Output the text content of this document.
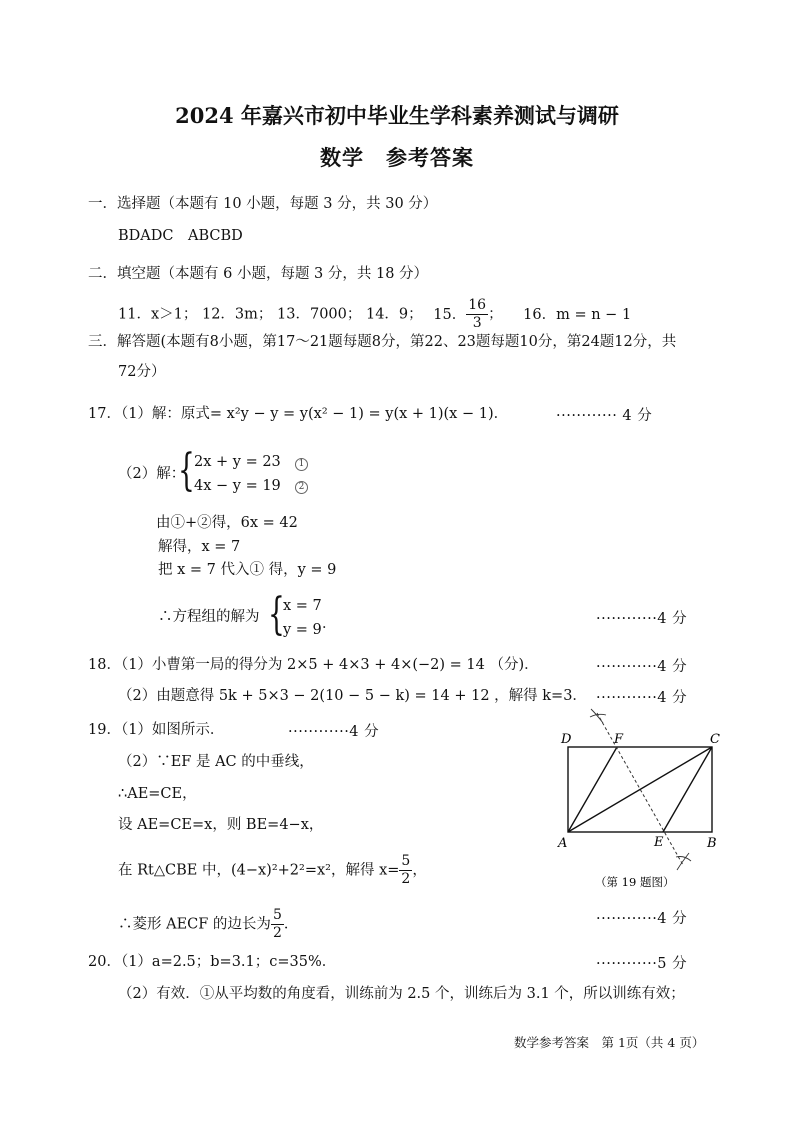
2024 年嘉兴市初中毕业生学科素养测试与调研
数学　参考答案
一．选择题（本题有 10 小题，每题 3 分，共 30 分）
BDADC　ABCBD
二．填空题（本题有 6 小题，每题 3 分，共 18 分）
11．x＞1； 12．3m； 13．7000； 14．9； 15． $\frac{16}{3}$ ； 16．m = n − 1
三．解答题(本题有8小题，第17～21题每题8分，第22、23题每题10分，第24题12分，共
72分）
17．（1）解：原式= x²y − y = y(x² − 1) = y(x + 1)(x − 1)．	············ 4 分
（2）解：
{ 2x + y = 23
4x − y = 19
1
2
由①+②得，6x = 42
解得，x = 7
把 x = 7 代入① 得，y = 9
∴方程组的解为 {
x = 7
y = 9 ．	············4 分
18．（1）小曹第一局的得分为 2×5 + 4×3 + 4×(−2) = 14 （分)．	············4 分
（2）由题意得 5k + 5×3 − 2(10 − 5 − k) = 14 + 12 ，解得 k=3． ············4 分
19．（1）如图所示．	············4 分
（2）∵EF 是 AC 的中垂线，
∴AE=CE，
设 AE=CE=x，则 BE=4−x，
在 Rt△CBE 中，(4−x)²+2²=x²，解得 $x= \frac{5}{2}$ ，
∴菱形 AECF 的边长为 $\frac{5}{2}$ ．	············4 分
D	F	C
A	E	B
（第 19 题图）
20．（1）a=2.5；b=3.1；c=35%．	············5 分
（2）有效．①从平均数的角度看，训练前为 2.5 个，训练后为 3.1 个，所以训练有效；
数学参考答案　第 1页（共 4 页）
